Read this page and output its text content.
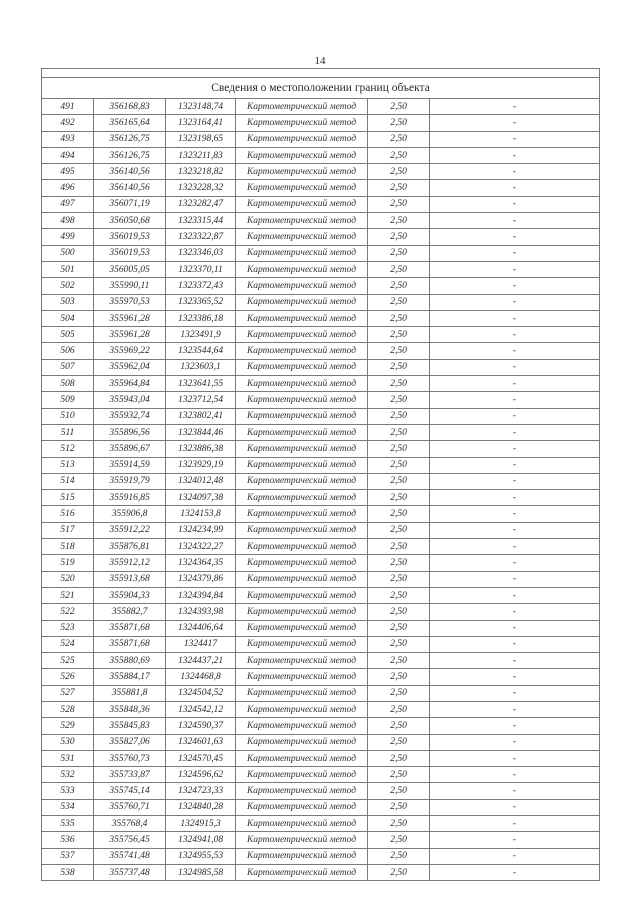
14

Сведения о местоположении границ объекта					
491	356168,83	1323148,74	Картометрический метод	2,50	-
492	356165,64	1323164,41	Картометрический метод	2,50	-
493	356126,75	1323198,65	Картометрический метод	2,50	-
494	356126,75	1323211,83	Картометрический метод	2,50	-
495	356140,56	1323218,82	Картометрический метод	2,50	-
496	356140,56	1323228,32	Картометрический метод	2,50	-
497	356071,19	1323282,47	Картометрический метод	2,50	-
498	356050,68	1323315,44	Картометрический метод	2,50	-
499	356019,53	1323322,87	Картометрический метод	2,50	-
500	356019,53	1323346,03	Картометрический метод	2,50	-
501	356005,05	1323370,11	Картометрический метод	2,50	-
502	355990,11	1323372,43	Картометрический метод	2,50	-
503	355970,53	1323365,52	Картометрический метод	2,50	-
504	355961,28	1323386,18	Картометрический метод	2,50	-
505	355961,28	1323491,9	Картометрический метод	2,50	-
506	355969,22	1323544,64	Картометрический метод	2,50	-
507	355962,04	1323603,1	Картометрический метод	2,50	-
508	355964,84	1323641,55	Картометрический метод	2,50	-
509	355943,04	1323712,54	Картометрический метод	2,50	-
510	355932,74	1323802,41	Картометрический метод	2,50	-
511	355896,56	1323844,46	Картометрический метод	2,50	-
512	355896,67	1323886,38	Картометрический метод	2,50	-
513	355914,59	1323929,19	Картометрический метод	2,50	-
514	355919,79	1324012,48	Картометрический метод	2,50	-
515	355916,85	1324097,38	Картометрический метод	2,50	-
516	355906,8	1324153,8	Картометрический метод	2,50	-
517	355912,22	1324234,99	Картометрический метод	2,50	-
518	355876,81	1324322,27	Картометрический метод	2,50	-
519	355912,12	1324364,35	Картометрический метод	2,50	-
520	355913,68	1324379,86	Картометрический метод	2,50	-
521	355904,33	1324394,84	Картометрический метод	2,50	-
522	355882,7	1324393,98	Картометрический метод	2,50	-
523	355871,68	1324406,64	Картометрический метод	2,50	-
524	355871,68	1324417	Картометрический метод	2,50	-
525	355880,69	1324437,21	Картометрический метод	2,50	-
526	355884,17	1324468,8	Картометрический метод	2,50	-
527	355881,8	1324504,52	Картометрический метод	2,50	-
528	355848,36	1324542,12	Картометрический метод	2,50	-
529	355845,83	1324590,37	Картометрический метод	2,50	-
530	355827,06	1324601,63	Картометрический метод	2,50	-
531	355760,73	1324570,45	Картометрический метод	2,50	-
532	355733,87	1324596,62	Картометрический метод	2,50	-
533	355745,14	1324723,33	Картометрический метод	2,50	-
534	355760,71	1324840,28	Картометрический метод	2,50	-
535	355768,4	1324915,3	Картометрический метод	2,50	-
536	355756,45	1324941,08	Картометрический метод	2,50	-
537	355741,48	1324955,53	Картометрический метод	2,50	-
538	355737,48	1324985,58	Картометрический метод	2,50	-
